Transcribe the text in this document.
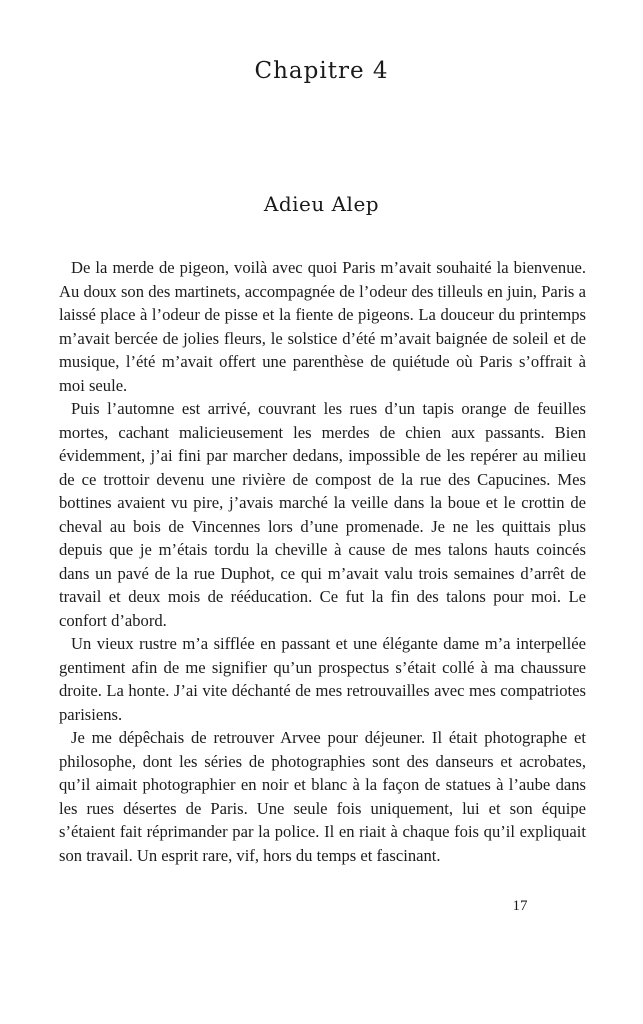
Chapitre 4
Adieu Alep

De la merde de pigeon, voilà avec quoi Paris m’avait souhaité la bienvenue. Au doux son des martinets, accompagnée de l’odeur des tilleuls en juin, Paris a laissé place à l’odeur de pisse et la fiente de pigeons. La douceur du printemps m’avait bercée de jolies fleurs, le solstice d’été m’avait baignée de soleil et de musique, l’été m’avait offert une parenthèse de quiétude où Paris s’offrait à moi seule.

Puis l’automne est arrivé, couvrant les rues d’un tapis orange de feuilles mortes, cachant malicieusement les merdes de chien aux passants. Bien évidemment, j’ai fini par marcher dedans, impossible de les repérer au milieu de ce trottoir devenu une rivière de compost de la rue des Capucines. Mes bottines avaient vu pire, j’avais marché la veille dans la boue et le crottin de cheval au bois de Vincennes lors d’une promenade. Je ne les quittais plus depuis que je m’étais tordu la cheville à cause de mes talons hauts coincés dans un pavé de la rue Duphot, ce qui m’avait valu trois semaines d’arrêt de travail et deux mois de rééducation. Ce fut la fin des talons pour moi. Le confort d’abord.

Un vieux rustre m’a sifflée en passant et une élégante dame m’a interpellée gentiment afin de me signifier qu’un prospectus s’était collé à ma chaussure droite. La honte. J’ai vite déchanté de mes retrouvailles avec mes compatriotes parisiens.

Je me dépêchais de retrouver Arvee pour déjeuner. Il était photographe et philosophe, dont les séries de photographies sont des danseurs et acrobates, qu’il aimait photographier en noir et blanc à la façon de statues à l’aube dans les rues désertes de Paris. Une seule fois uniquement, lui et son équipe s’étaient fait réprimander par la police. Il en riait à chaque fois qu’il expliquait son travail. Un esprit rare, vif, hors du temps et fascinant.

17
